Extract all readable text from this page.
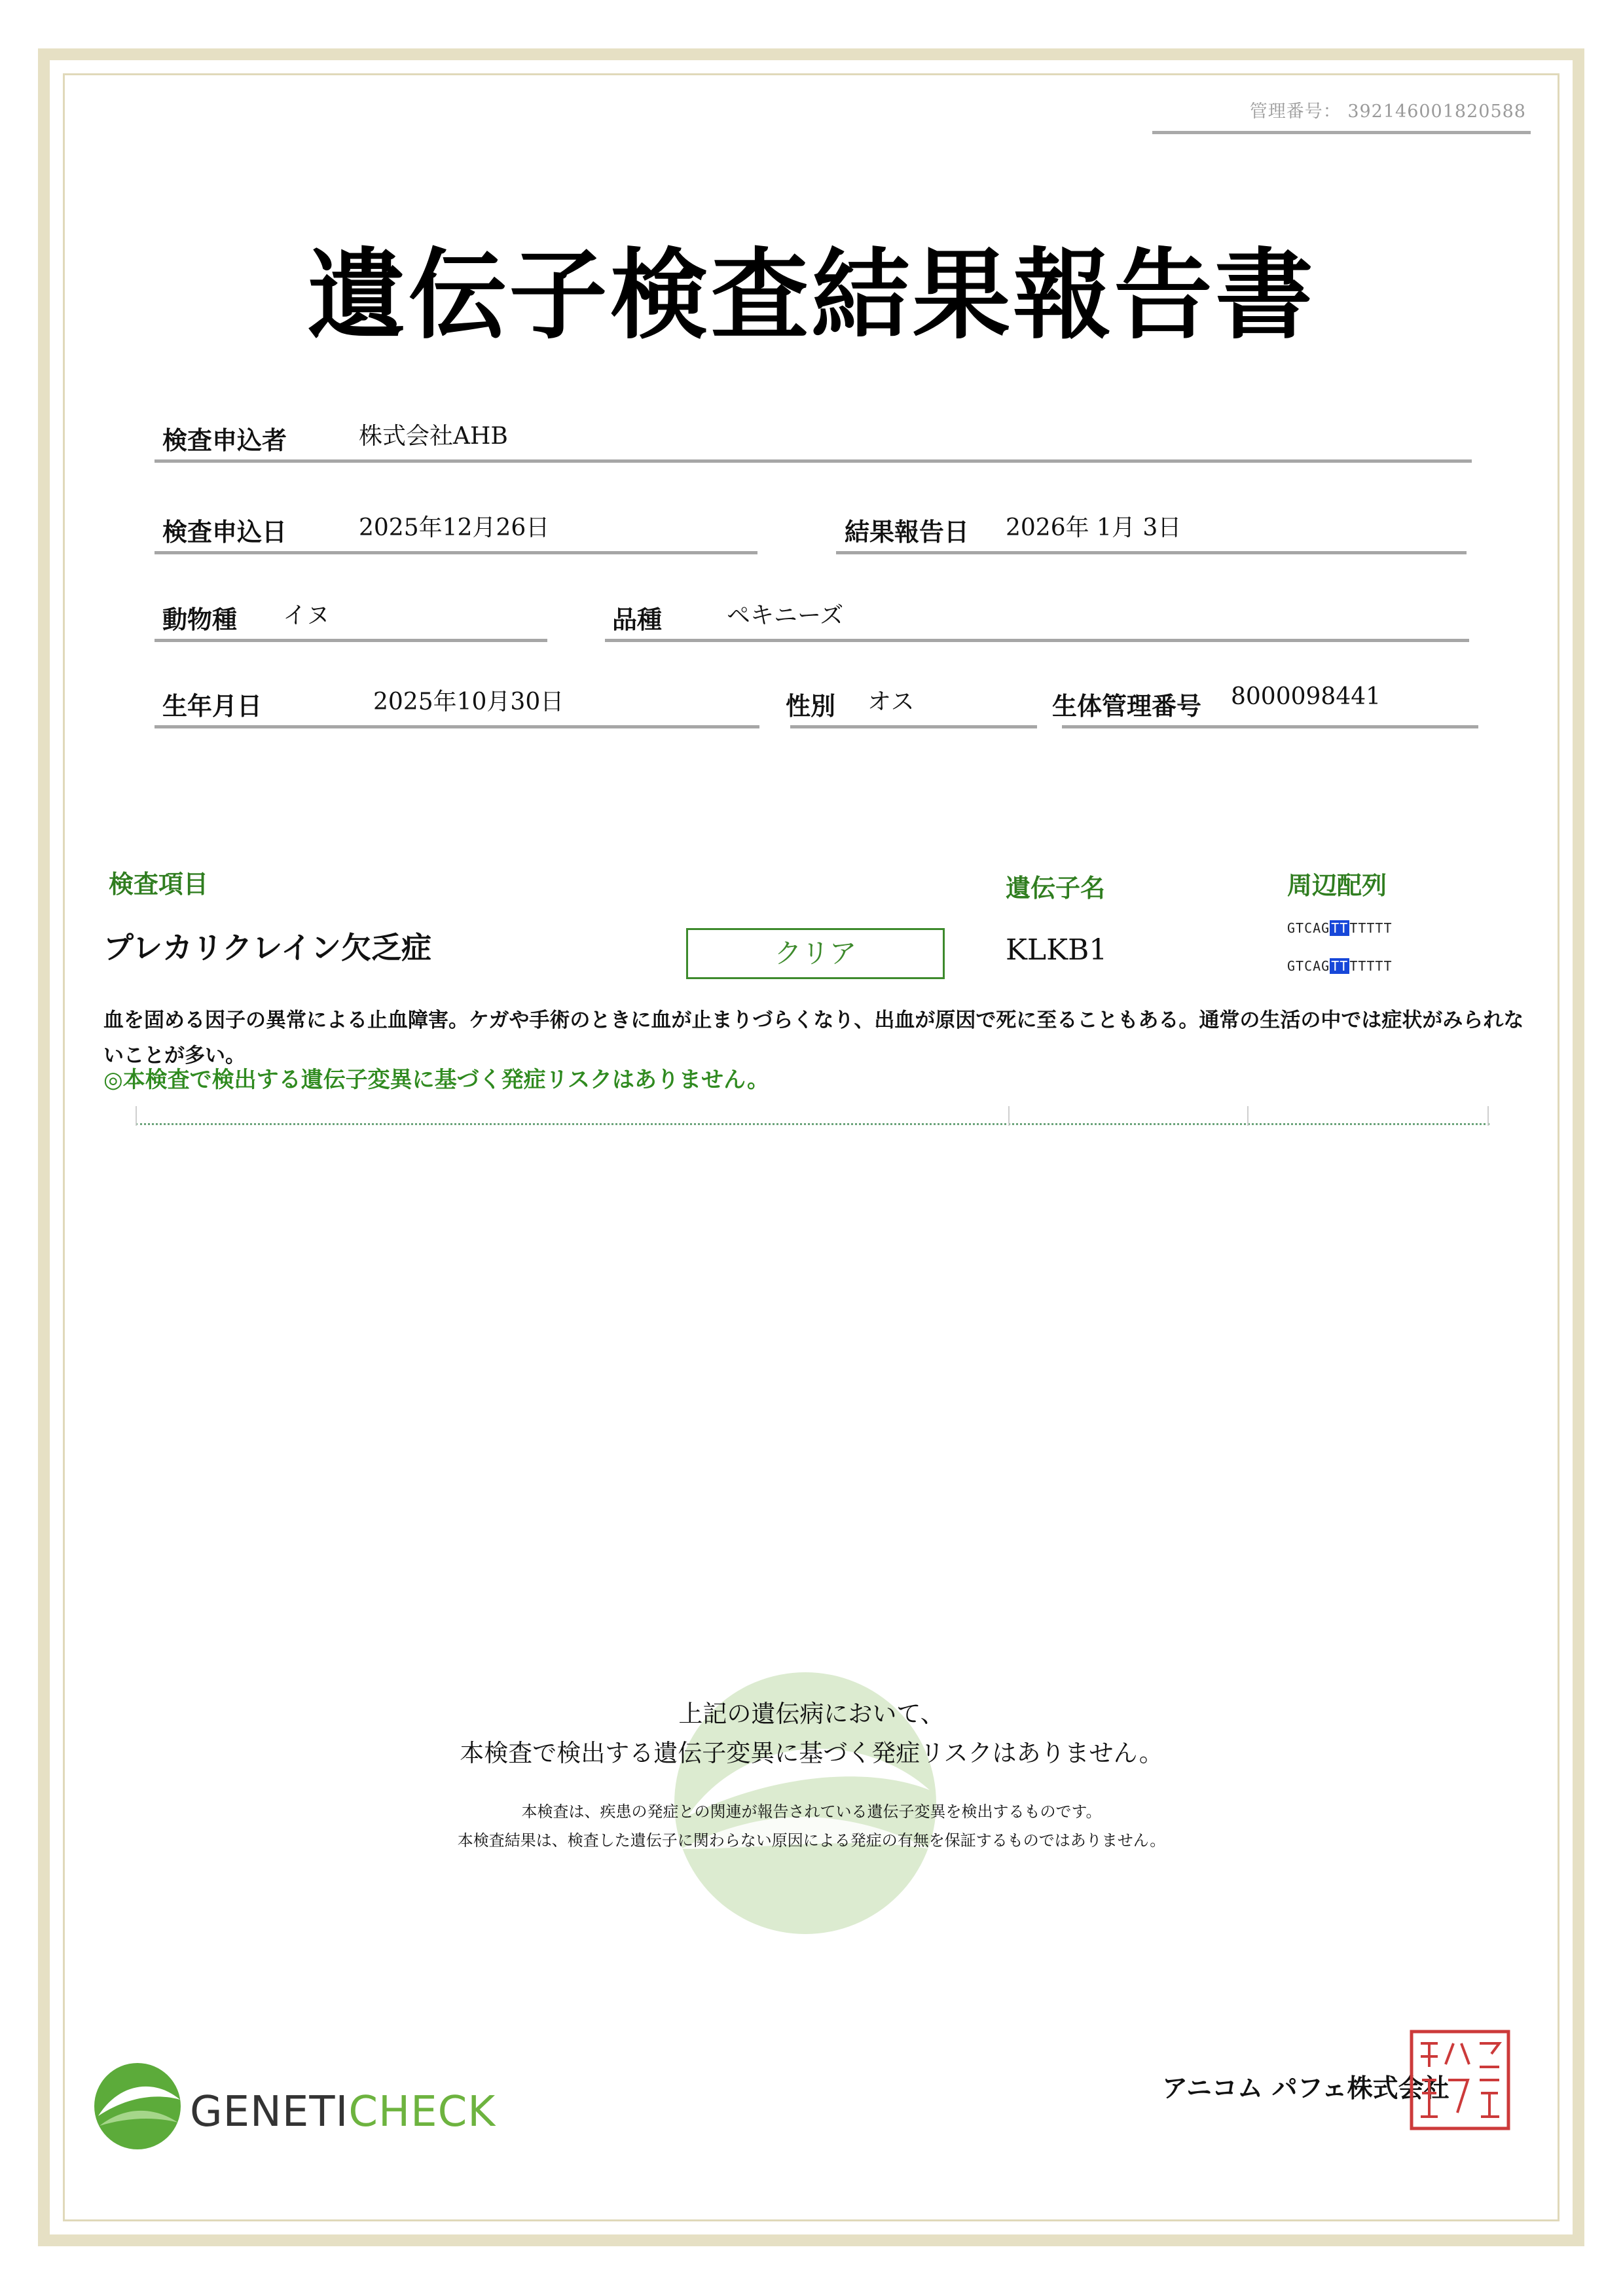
管理番号： 392146001820588
遺伝子検査結果報告書
検査申込者	株式会社AHB
検査申込日	2025年12月26日	結果報告日 2026年 1月 3日
動物種 イヌ	品種	ペキニーズ
生年月日	2025年10月30日	性別 オス	生体管理番号 8000098441
検査項目	遺伝子名	周辺配列
プレカリクレイン欠乏症	クリア	KLKB1
GTCAG TT TTTTT
GTCAG TT TTTTT
血を固める因子の異常による止血障害。ケガや手術のときに血が止まりづらくなり、出血が原因で死に至ることもある。通常の生活の中では症状がみられないことが多い。
◎本検査で検出する遺伝子変異に基づく発症リスクはありません。
上記の遺伝病において、
本検査で検出する遺伝子変異に基づく発症リスクはありません。
本検査は、疾患の発症との関連が報告されている遺伝子変異を検出するものです。
本検査結果は、検査した遺伝子に関わらない原因による発症の有無を保証するものではありません。
GENETICHECK	アニコム パフェ株式会社
